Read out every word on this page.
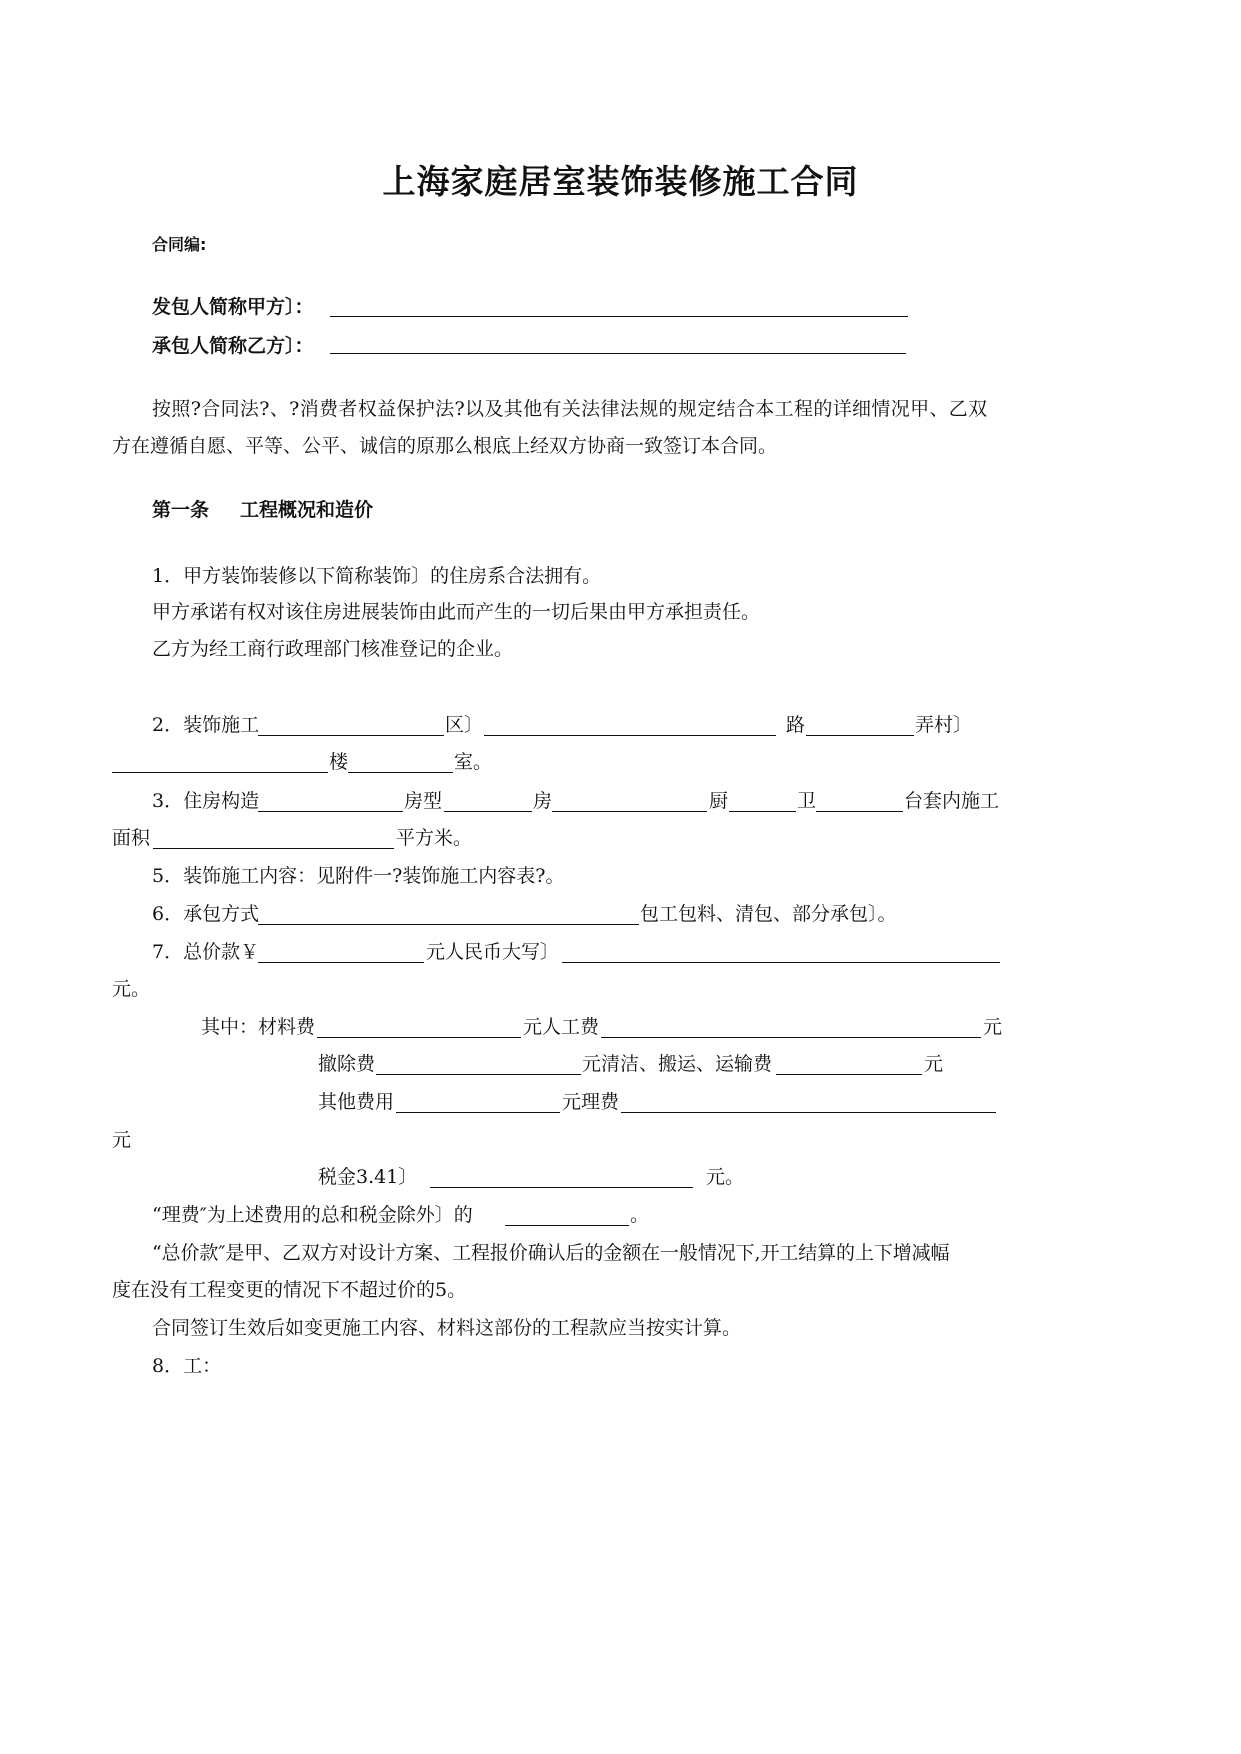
上海家庭居室装饰装修施工合同
合同编:
发包人简称甲方〕：
承包人简称乙方〕：
按照?合同法?、?消费者权益保护法?以及其他有关法律法规的规定结合本工程的详细情况甲、乙双
方在遵循自愿、平等、公平、诚信的原那么根底上经双方协商一致签订本合同。
第一条 工程概况和造价
1．甲方装饰装修以下简称装饰〕的住房系合法拥有。
甲方承诺有权对该住房进展装饰由此而产生的一切后果由甲方承担责任。
乙方为经工商行政理部门核准登记的企业。
2．装饰施工	区〕	路	弄村〕
楼	室。
3．住房构造	房型	房	厨	卫	台套内施工
面积	平方米。
5．装饰施工内容：见附件一?装饰施工内容表?。
6．承包方式	包工包料、清包、部分承包〕。
7．总价款￥	元人民币大写〕
元。
其中：材料费	元人工费	元
撤除费	元清洁、搬运、运输费	元
其他费用	元理费
元
税金3.41〕	元。
“理费″为上述费用的总和税金除外〕的	。
“总价款″是甲、乙双方对设计方案、工程报价确认后的金额在一般情况下,开工结算的上下增减幅
度在没有工程变更的情况下不超过价的5。
合同签订生效后如变更施工内容、材料这部份的工程款应当按实计算。
8．工：
